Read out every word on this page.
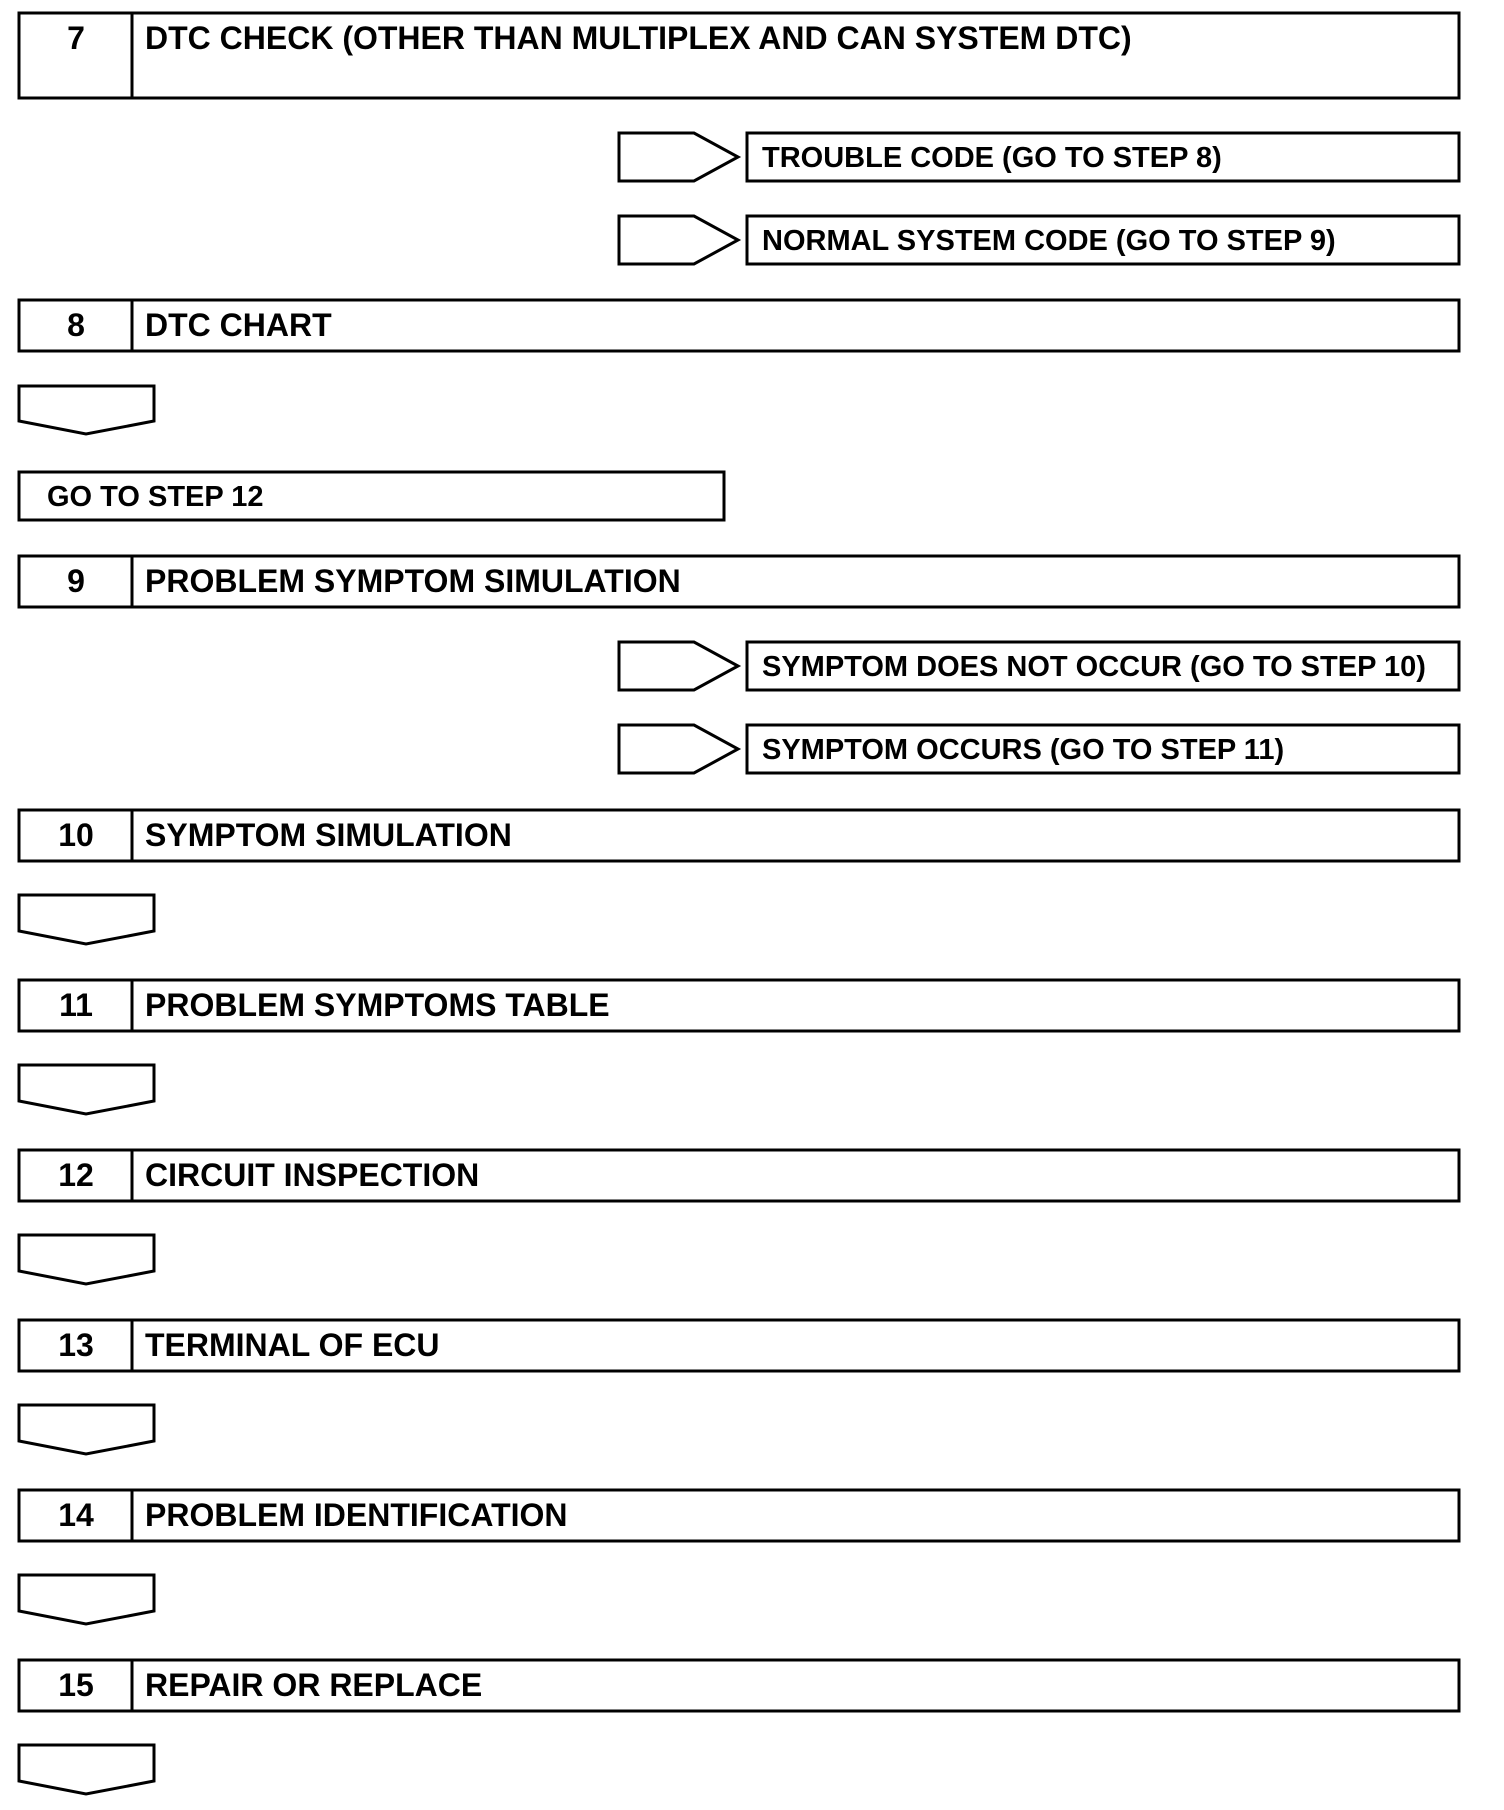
7
8
9
10
11
12
13
14
15
DTC CHECK (OTHER THAN MULTIPLEX AND CAN SYSTEM DTC)
DTC CHART
PROBLEM SYMPTOM SIMULATION
SYMPTOM SIMULATION
PROBLEM SYMPTOMS TABLE
CIRCUIT INSPECTION
TERMINAL OF ECU
PROBLEM IDENTIFICATION
REPAIR OR REPLACE
TROUBLE CODE (GO TO STEP 8)
NORMAL SYSTEM CODE (GO TO STEP 9)
SYMPTOM DOES NOT OCCUR (GO TO STEP 10)
SYMPTOM OCCURS (GO TO STEP 11)
GO TO STEP 12
